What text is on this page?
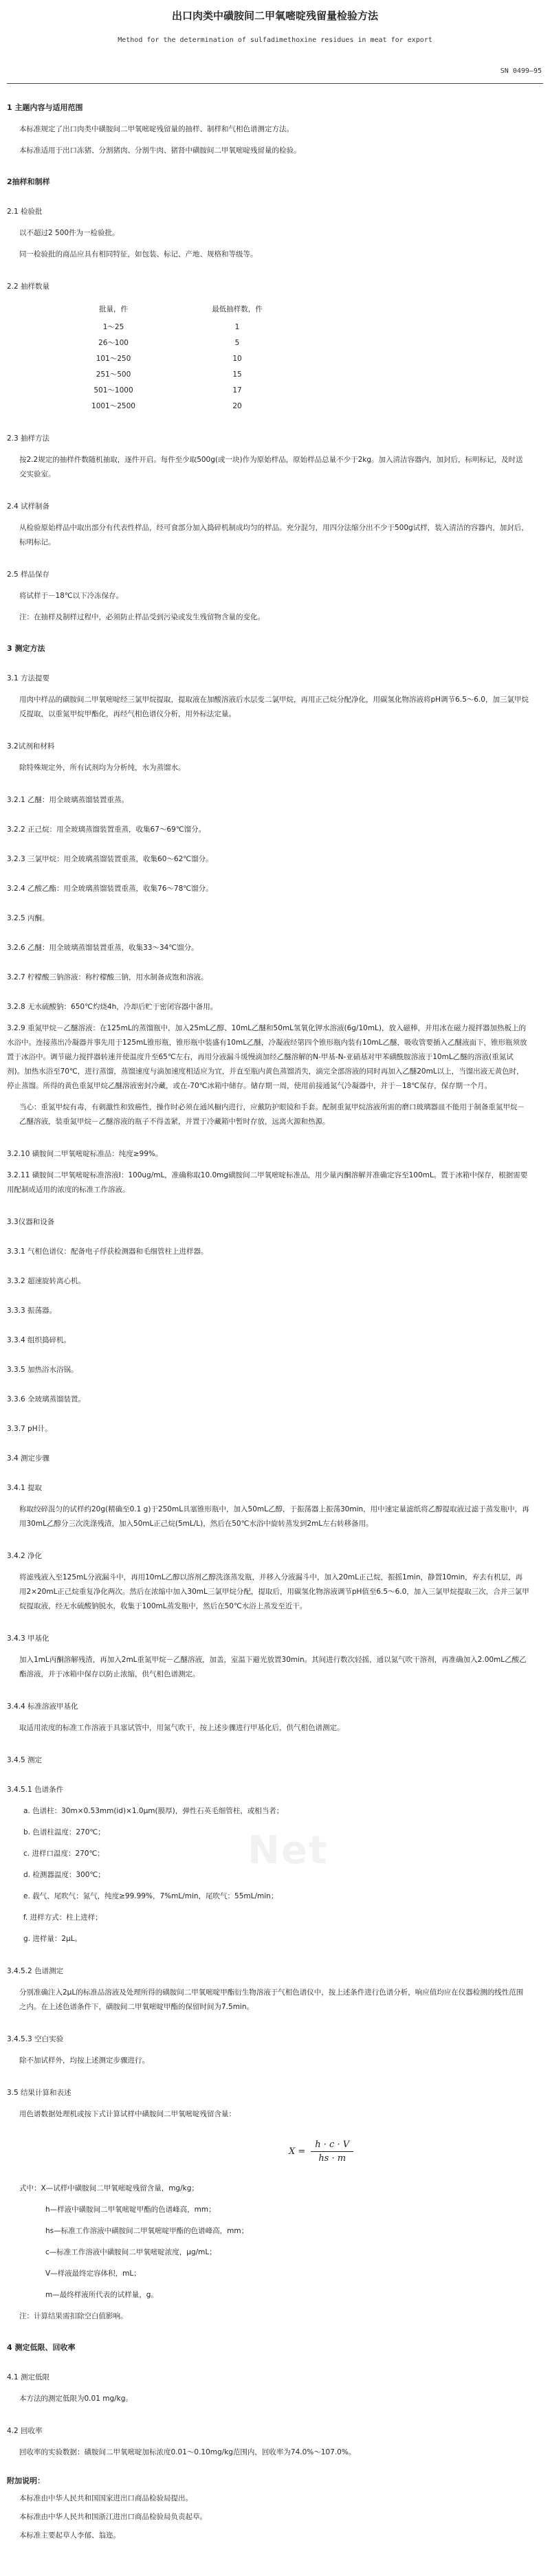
出口肉类中磺胺间二甲氧嘧啶残留量检验方法
Method for the determination of sulfadimethoxine residues in meat for export
SN 0499—95
1 主题内容与适用范围
本标准规定了出口肉类中磺胺间二甲氧嘧啶残留量的抽样、制样和气相色谱测定方法。
本标准适用于出口冻猪、分割猪肉、分割牛肉、猪肾中磺胺间二甲氧嘧啶残留量的检验。
2抽样和制样
2.1 检验批
以不超过2 500件为一检验批。
同一检验批的商品应具有相同特征，如包装、标记、产地、规格和等级等。
2.2 抽样数量
批量，件	最低抽样数，件
1～25	1
26～100	5
101～250	10
251～500	15
501～1000	17
1001～2500	20
2.3 抽样方法
按2.2规定的抽样件数随机抽取，逐件开启。每件至少取500g(或一块)作为原始样品，原始样品总量不少于2kg。加入清洁容器内，加封后，标明标记，及时送交实验室。
2.4 试样制备
从检验原始样品中取出部分有代表性样品，经可食部分加入捣碎机制成均匀的样品。充分混匀，用四分法缩分出不少于500g试样，装入清洁的容器内，加封后，标明标记。
2.5 样品保存
将试样于－18℃以下冷冻保存。
注：在抽样及制样过程中，必须防止样品受到污染或发生残留物含量的变化。
3 测定方法
3.1 方法提要
用肉中样品的磺胺间二甲氧嘧啶经三氯甲烷提取，提取液在加酸溶液后水层变二氯甲烷，再用正己烷分配净化，用碳氢化物溶液将pH调节6.5～6.0，加三氯甲烷反提取，以重氮甲烷甲酯化，再经气相色谱仪分析，用外标法定量。
3.2试剂和材料
除特殊规定外，所有试剂均为分析纯，水为蒸馏水。
3.2.1 乙醚：用全玻璃蒸馏装置重蒸。
3.2.2 正己烷：用全玻璃蒸馏装置重蒸，收集67～69℃馏分。
3.2.3 三氯甲烷：用全玻璃蒸馏装置重蒸，收集60～62℃馏分。
3.2.4 乙酸乙酯：用全玻璃蒸馏装置重蒸，收集76～78℃馏分。
3.2.5 丙酮。
3.2.6 乙醚：用全玻璃蒸馏装置重蒸，收集33～34℃馏分。
3.2.7 柠檬酸三钠溶液：称柠檬酸三钠，用水制备成饱和溶液。
3.2.8 无水硫酸钠：650℃灼烧4h，冷却后贮于密闭容器中备用。
3.2.9 重氮甲烷－乙醚溶液：在125mL的蒸馏瓶中，加入25mL乙醇、10mL乙醚和50mL氢氧化钾水溶液(6g/10mL)，放入磁棒，并用冰在磁力搅拌器加热板上的水浴中。连接蒸出冷凝器并事先用于125mL锥形瓶，锥形瓶中装盛有10mL乙醚，冷凝液经第四个锥形瓶内装有10mL乙醚，吸收管要插入乙醚液面下，锥形瓶须放置于冰浴中。调节磁力搅拌器转速并使温度升至65℃左右，再用分液漏斗缓慢滴加经乙醚溶解的N-甲基-N-亚硝基对甲苯磺酰胺溶液于10mL乙醚的溶液(重氮试剂)。加热水浴至70℃，进行蒸馏，蒸馏速度与滴加速度相适应为宜，并直至瓶内黄色蒸馏消失，滴完全部溶液的同时再加入乙醚20mL以上，当馏出液无黄色时，停止蒸馏。所得的黄色重氮甲烷乙醚溶液密封冷藏，或在-70℃冰箱中储存。储存期一周，使用前接通氮气冷凝器中，并于－18℃保存，保存期一个月。
当心：重氮甲烷有毒，有刺激性和致癌性，操作时必须在通风橱内进行，应戴防护眼镜和手套。配制重氮甲烷溶液所需的磨口玻璃器皿不能用于制备重氮甲烷－乙醚溶液，装重氮甲烷－乙醚溶液的瓶子不得盖紧，并置于冷藏箱中暂时存放，远离火源和热源。
3.2.10 磺胺间二甲氧嘧啶标准品：纯度≥99%。
3.2.11 磺胺间二甲氧嘧啶标准溶液Ⅰ：100ug/mL，准确称取10.0mg磺胺间二甲氧嘧啶标准品，用少量丙酮溶解并准确定容至100mL。置于冰箱中保存，根据需要用配制成适用的浓度的标准工作溶液。
3.3仪器和设备
3.3.1 气相色谱仪：配备电子俘获检测器和毛细管柱上进样器。
3.3.2 超速旋转离心机。
3.3.3 振荡器。
3.3.4 组织捣碎机。
3.3.5 加热浴水浴锅。
3.3.6 全玻璃蒸馏装置。
3.3.7 pH计。
3.4 测定步骤
3.4.1 提取
称取绞碎混匀的试样约20g(精确至0.1 g)于250mL具塞锥形瓶中，加入50mL乙醇，于振荡器上振荡30min，用中速定量滤纸将乙醇提取液过滤于蒸发瓶中，再用30mL乙醇分三次洗涤残渣，加入50mL正己烷(5mL/L)，然后在50℃水浴中旋转蒸发到2mL左右转移备用。
3.4.2 净化
将滤残液入至125mL分液漏斗中，再用10mL乙醇以溶剂乙醇洗涤蒸发瓶，并移入分液漏斗中，加入20mL正己烷，振摇1min，静置10min，弃去有机层，再用2×20mL正己烷重复净化两次。然后在浓缩中加入30mL三氯甲烷分配，提取后，用碳氢化物溶液调节pH值至6.5～6.0，加入三氯甲烷提取三次，合并三氯甲烷提取液，经无水硫酸钠脱水，收集于100mL蒸发瓶中，然后在50℃水浴上蒸发至近干。
3.4.3 甲基化
加入1mL丙酮溶解残渣，再加入2mL重氮甲烷－乙醚溶液，加盖，室温下避光放置30min。其间进行数次轻摇，通以氮气吹干溶剂，再准确加入2.00mL乙酸乙酯溶液，并于冰箱中保存以防止浓缩，供气相色谱测定。
3.4.4 标准溶液甲基化
取适用浓度的标准工作溶液于具塞试管中，用氮气吹干，按上述步骤进行甲基化后，供气相色谱测定。
3.4.5 测定
3.4.5.1 色谱条件
a. 色谱柱：30m×0.53mm(id)×1.0μm(膜厚)，弹性石英毛细管柱，或相当者；
b. 色谱柱温度：270℃；
c. 进样口温度：270℃；
d. 检测器温度：300℃；
e. 载气、尾吹气：氮气，纯度≥99.99%，7%mL/min，尾吹气：55mL/min；
f. 进样方式：柱上进样；
g. 进样量：2μL。
3.4.5.2 色谱测定
分别准确注入2μL的标准品溶液及处理所得的磺胺间二甲氧嘧啶甲酯衍生物溶液于气相色谱仪中，按上述条件进行色谱分析，响应值均应在仪器检测的线性范围之内。在上述色谱条件下，磺胺间二甲氧嘧啶甲酯的保留时间为7.5min。
3.4.5.3 空白实验
除不加试样外，均按上述测定步骤进行。
3.5 结果计算和表述
用色谱数据处理机或按下式计算试样中磺胺间二甲氧嘧啶残留含量：
$X = \frac{h \cdot c \cdot V}{hs \cdot m}$
式中：X—试样中磺胺间二甲氧嘧啶残留含量，mg/kg；
h—样液中磺胺间二甲氧嘧啶甲酯的色谱峰高，mm；
hs—标准工作溶液中磺胺间二甲氧嘧啶甲酯的色谱峰高，mm；
c—标准工作溶液中磺胺间二甲氧嘧啶浓度，μg/mL；
V—样液最终定容体积，mL；
m—最终样液所代表的试样量，g。
注：计算结果需扣除空白值影响。
4 测定低限、回收率
4.1 测定低限
本方法的测定低限为0.01 mg/kg。
4.2 回收率
回收率的实验数据：磺胺间二甲氧嘧啶加标浓度0.01～0.10mg/kg范围内，回收率为74.0%～107.0%。
附加说明：
本标准由中华人民共和国国家进出口商品检验局提出。
本标准由中华人民共和国浙江进出口商品检验局负责起草。
本标准主要起草人李郁、翁迩。
Net
